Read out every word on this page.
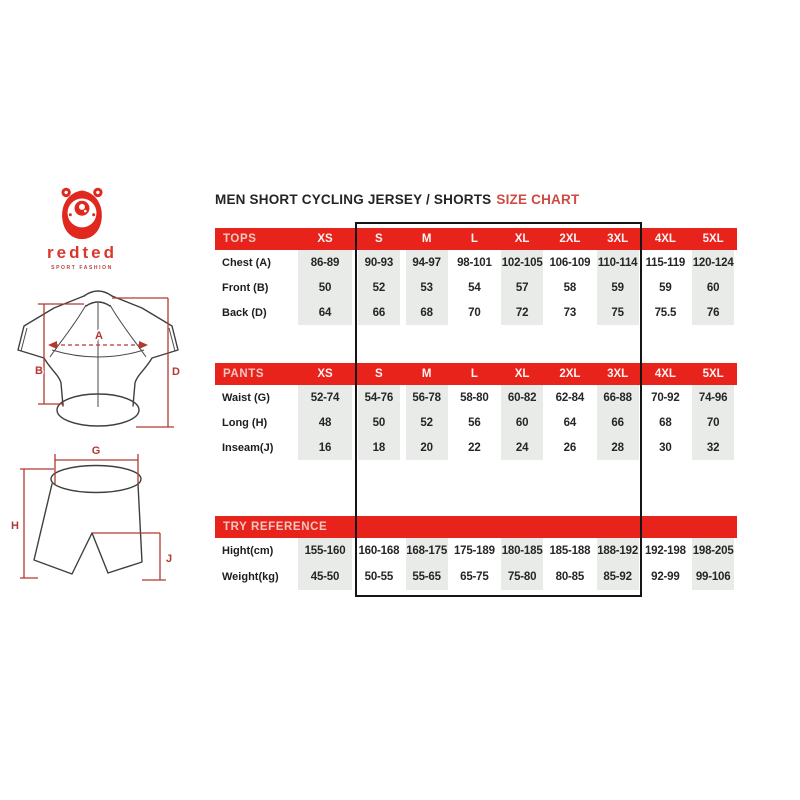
redted
SPORT FASHION
A
B	D
G
H
J
MEN SHORT CYCLING JERSEY / SHORTS SIZE CHART
TOPS	XS	S	M	L	XL	2XL	3XL	4XL	5XL
Chest (A)	86-89	90-93	94-97	98-101 102-105 106-109 110-114 115-119 120-124
Front (B)	50	52	53	54	57	58	59	59	60
Back (D)	64	66	68	70	72	73	75	75.5	76
PANTS	XS	S	M	L	XL	2XL	3XL	4XL	5XL
Waist (G)	52-74	54-76	56-78	58-80	60-82	62-84	66-88	70-92	74-96
Long (H)	48	50	52	56	60	64	66	68	70
Inseam(J)	16	18	20	22	24	26	28	30	32
TRY REFERENCE
Hight(cm)	155-160	160-168 168-175 175-189 180-185 185-188 188-192 192-198 198-205
Weight(kg)	45-50	50-55	55-65	65-75	75-80	80-85	85-92	92-99	99-106
